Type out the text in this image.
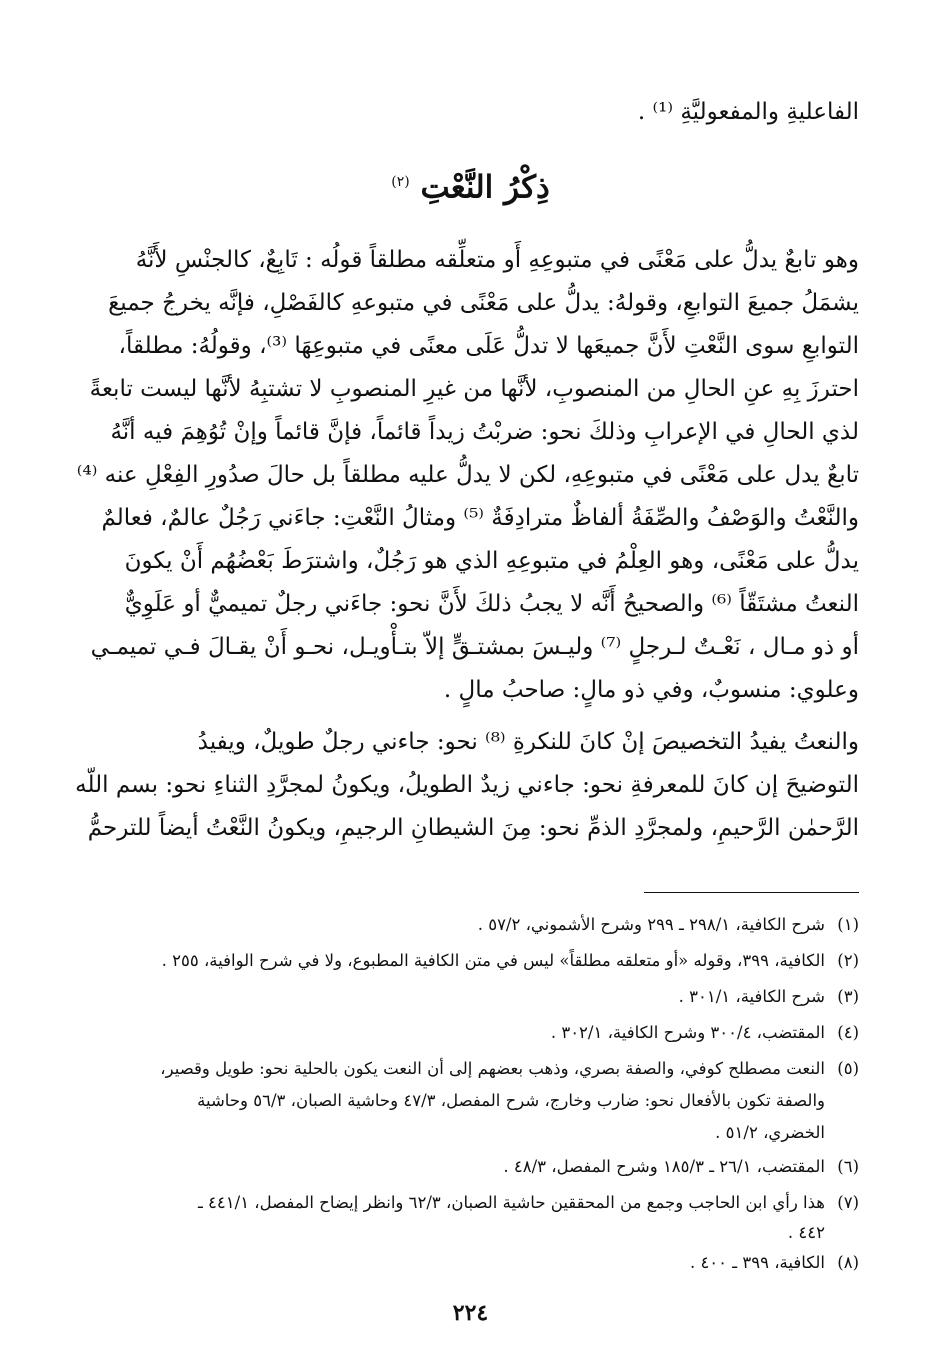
الفاعليةِ والمفعوليَّةِ ⁽¹⁾ .
ذِكْرُ النَّعْتِ $^{(٢)}$
وهو تابعٌ يدلُّ على مَعْنًى في متبوعِهِ أَو متعلِّقه مطلقاً قولُه : تَابِعٌ، كالجنْسِ لأَنَّهُ
يشمَلُ جميعَ التوابعِ، وقولهُ: يدلُّ على مَعْنًى في متبوعهِ كالفَصْلِ، فإنَّه يخرجُ جميعَ
التوابعِ سوى النَّعْتِ لأَنَّ جميعَها لا تدلُّ عَلَى معنًى في متبوعِهَا ⁽³⁾، وقولُهُ: مطلقاً،
احترزَ بِهِ عنِ الحالِ من المنصوبِ، لأنَّها من غيرِ المنصوبِ لا تشتبِهُ لأنَّها ليست تابعةً
لذي الحالِ في الإعرابِ وذلكَ نحو: ضربْتُ زيداً قائماً، فإنَّ قائماً وإنْ تُوُهِمَ فيه أنَّهُ
تابعٌ يدل على مَعْنًى في متبوعِهِ، لكن لا يدلُّ عليه مطلقاً بل حالَ صدُورِ الفِعْلِ عنه ⁽⁴⁾
والنَّعْتُ والوَصْفُ والصِّفَةُ ألفاظٌ مترادِفَةٌ ⁽⁵⁾ ومثالُ النَّعْتِ: جاءَني رَجُلٌ عالمٌ، فعالمٌ
يدلُّ على مَعْنًى، وهو العِلْمُ في متبوعِهِ الذي هو رَجُلٌ، واشترَطَ بَعْضُهُم أَنْ يكونَ
النعتُ مشتَقّاً ⁽⁶⁾ والصحيحُ أَنَّه لا يجبُ ذلكَ لأَنَّ نحو: جاءَني رجلٌ تميميٌّ أو عَلَوِيٌّ
أو ذو مـال ، نَعْـتٌ لـرجلٍ ⁽⁷⁾ وليـسَ بمشتـقٍّ إلاّ بتـأْويـل، نحـو أَنْ يقـالَ فـي تميمـي
وعلوي: منسوبٌ، وفي ذو مالٍ: صاحبُ مالٍ .
والنعتُ يفيدُ التخصيصَ إنْ كانَ للنكرةِ ⁽⁸⁾ نحو: جاءني رجلٌ طويلٌ، ويفيدُ
التوضيحَ إن كانَ للمعرفةِ نحو: جاءني زيدٌ الطويلُ، ويكونُ لمجرَّدِ الثناءِ نحو: بسم اللّه
الرَّحمٰن الرَّحيمِ، ولمجرَّدِ الذمِّ نحو: مِنَ الشيطانِ الرجيمِ، ويكونُ النَّعْتُ أيضاً للترحمُّ
(١)شرح الكافية، ٢٩٨/١ ـ ٢٩٩ وشرح الأشموني، ٥٧/٢ .
(٢)الكافية، ٣٩٩، وقوله «أو متعلقه مطلقاً» ليس في متن الكافية المطبوع، ولا في شرح الوافية، ٢٥٥ .
(٣)شرح الكافية، ٣٠١/١ .
(٤)المقتضب، ٣٠٠/٤ وشرح الكافية، ٣٠٢/١ .
(٥)النعت مصطلح كوفي، والصفة بصري، وذهب بعضهم إلى أن النعت يكون بالحلية نحو: طويل وقصير،
والصفة تكون بالأفعال نحو: ضارب وخارج، شرح المفصل، ٤٧/٣ وحاشية الصبان، ٥٦/٣ وحاشية
الخضري، ٥١/٢ .
(٦)المقتضب، ٢٦/١ ـ ١٨٥/٣ وشرح المفصل، ٤٨/٣ .
(٧)هذا رأي ابن الحاجب وجمع من المحققين حاشية الصبان، ٦٢/٣ وانظر إيضاح المفصل، ٤٤١/١ ـ
٤٤٢ .
(٨)الكافية، ٣٩٩ ـ ٤٠٠ .
٢٢٤
